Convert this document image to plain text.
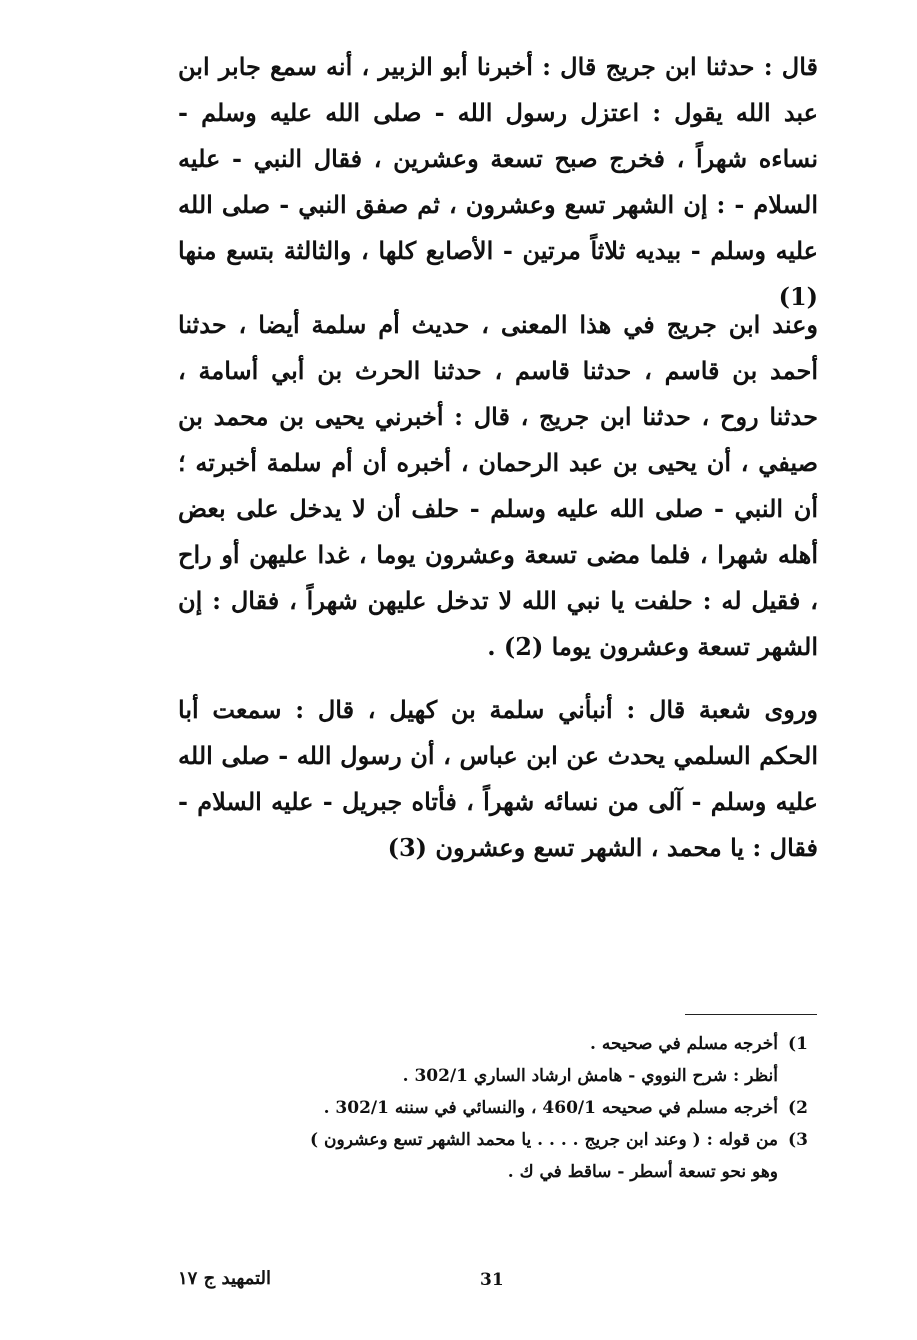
قال : حدثنا ابن جريج قال : أخبرنا أبو الزبير ، أنه سمع جابر ابن عبد الله يقول : اعتزل رسول الله - صلى الله عليه وسلم - نساءه شهراً ، فخرج صبح تسعة وعشرين ، فقال النبي - عليه السلام - : إن الشهر تسع وعشرون ، ثم صفق النبي - صلى الله عليه وسلم - بيديه ثلاثاً مرتين - الأصابع كلها ، والثالثة بتسع منها (1)

وعند ابن جريج في هذا المعنى ، حديث أم سلمة أيضا ، حدثنا أحمد بن قاسم ، حدثنا قاسم ، حدثنا الحرث بن أبي أسامة ، حدثنا روح ، حدثنا ابن جريج ، قال : أخبرني يحيى بن محمد بن صيفي ، أن يحيى بن عبد الرحمان ، أخبره أن أم سلمة أخبرته ؛ أن النبي - صلى الله عليه وسلم - حلف أن لا يدخل على بعض أهله شهرا ، فلما مضى تسعة وعشرون يوما ، غدا عليهن أو راح ، فقيل له : حلفت يا نبي الله لا تدخل عليهن شهراً ، فقال : إن الشهر تسعة وعشرون يوما (2) .

وروى شعبة قال : أنبأني سلمة بن كهيل ، قال : سمعت أبا الحكم السلمي يحدث عن ابن عباس ، أن رسول الله - صلى الله عليه وسلم - آلى من نسائه شهراً ، فأتاه جبريل - عليه السلام - فقال : يا محمد ، الشهر تسع وعشرون (3)

1)
أخرجه مسلم في صحيحه .
أنظر : شرح النووي - هامش ارشاد الساري 302/1 .
2)
أخرجه مسلم في صحيحه 460/1 ، والنسائي في سننه 302/1 .
3)
من قوله : ( وعند ابن جريج . . . . يا محمد الشهر تسع وعشرون )
وهو نحو تسعة أسطر - ساقط في ك .
التمهيد ج ١٧	31
